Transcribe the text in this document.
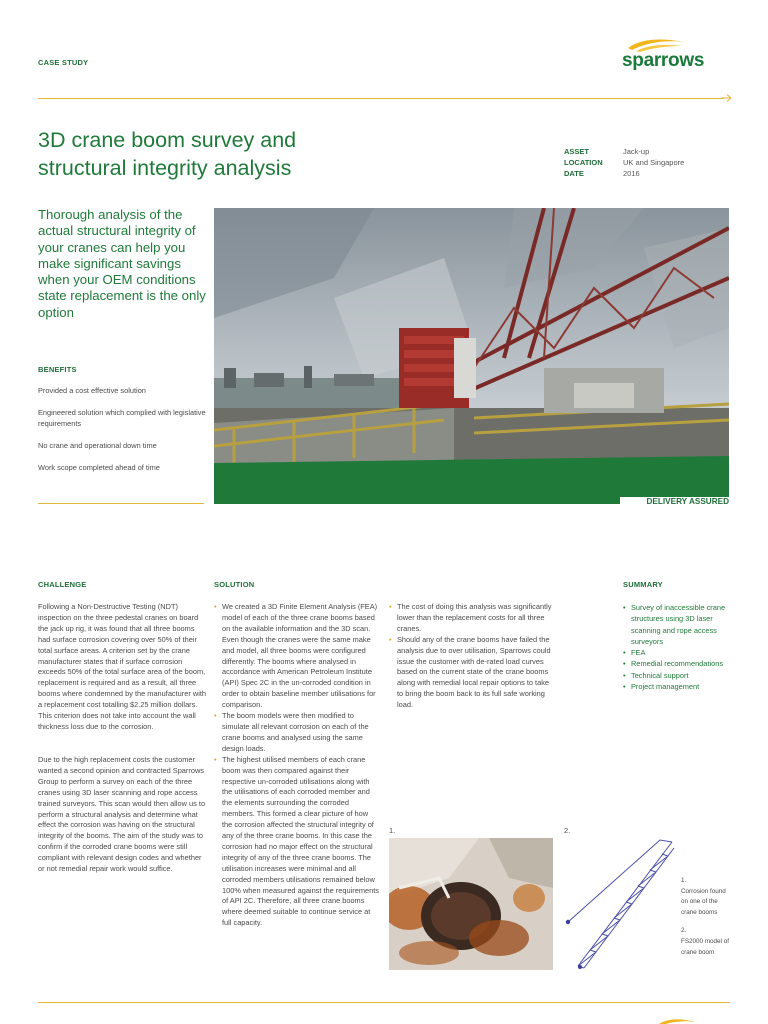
CASE STUDY	sparrows
3D crane boom survey and
structural integrity analysis
ASSET	Jack-up
LOCATION	UK and Singapore
DATE	2016
Thorough analysis of the actual structural integrity of your cranes can help you make significant savings when your OEM conditions state replacement is the only option
BENEFITS
Provided a cost effective solution
Engineered solution which complied with legislative requirements
No crane and operational down time
Work scope completed ahead of time
DELIVERY ASSURED
CHALLENGE
Following a Non-Destructive Testing (NDT) inspection on the three pedestal cranes on board the jack up rig, it was found that all three booms had surface corrosion covering over 50% of their total surface areas. A criterion set by the crane manufacturer states that if surface corrosion exceeds 50% of the total surface area of the boom, replacement is required and as a result, all three booms where condemned by the manufacturer with a replacement cost totalling $2.25 million dollars. This criterion does not take into account the wall thickness loss due to the corrosion.
Due to the high replacement costs the customer wanted a second opinion and contracted Sparrows Group to perform a survey on each of the three cranes using 3D laser scanning and rope access trained surveyors. This scan would then allow us to perform a structural analysis and determine what effect the corrosion was having on the structural integrity of the booms. The aim of the study was to confirm if the corroded crane booms were still compliant with relevant design codes and whether or not remedial repair work would suffice.
SOLUTION
• We created a 3D Finite Element Analysis (FEA) model of each of the three crane booms based on the available information and the 3D scan. Even though the cranes were the same make and model, all three booms were configured differently. The booms where analysed in accordance with American Petroleum Institute (API) Spec 2C in the un-corroded condition in order to obtain baseline member utilisations for comparison.
• The boom models were then modified to simulate all relevant corrosion on each of the crane booms and analysed using the same design loads.
• The highest utilised members of each crane boom was then compared against their respective un-corroded utilisations along with the utilisations of each corroded member and the elements surrounding the corroded members. This formed a clear picture of how the corrosion affected the structural integrity of any of the three crane booms. In this case the corrosion had no major effect on the structural integrity of any of the three crane booms. The utilisation increases were minimal and all corroded members utilisations remained below 100% when measured against the requirements of API 2C. Therefore, all three crane booms where deemed suitable to continue service at full capacity.
• The cost of doing this analysis was significantly lower than the replacement costs for all three cranes.
• Should any of the crane booms have failed the analysis due to over utilisation, Sparrows could issue the customer with de-rated load curves based on the current state of the crane booms along with remedial local repair options to take to bring the boom back to its full safe working load.
SUMMARY
• Survey of inaccessible crane structures using 3D laser scanning and rope access surveyors
• FEA
• Remedial recommendations
• Technical support
• Project management
1.	2.
1.
Corrosion found on one of the crane booms
2.
FS2000 model of crane boom
